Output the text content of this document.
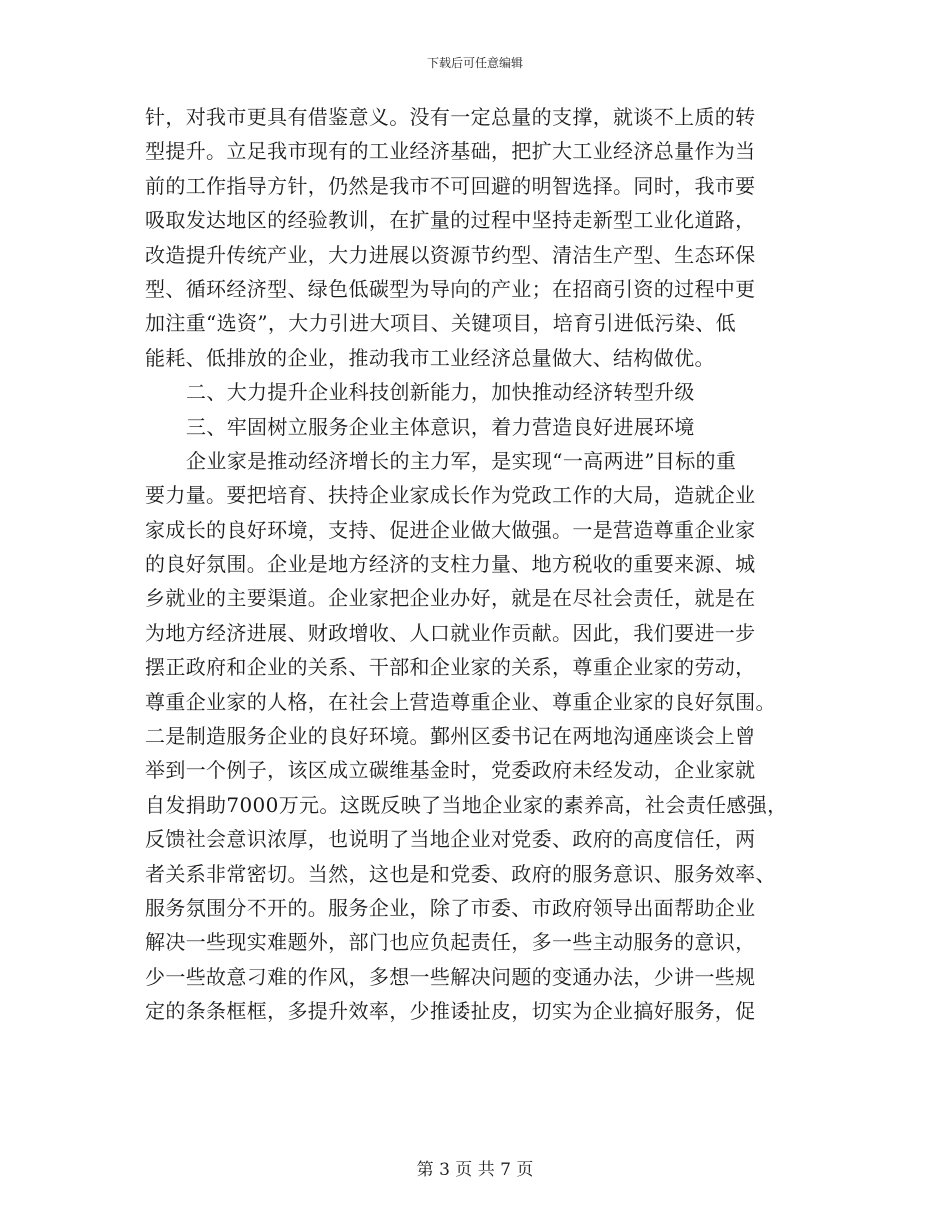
下载后可任意编辑
针，对我市更具有借鉴意义。没有一定总量的支撑，就谈不上质的转
型提升。立足我市现有的工业经济基础，把扩大工业经济总量作为当
前的工作指导方针，仍然是我市不可回避的明智选择。同时，我市要
吸取发达地区的经验教训，在扩量的过程中坚持走新型工业化道路，
改造提升传统产业，大力进展以资源节约型、清洁生产型、生态环保
型、循环经济型、绿色低碳型为导向的产业；在招商引资的过程中更
加注重“选资”，大力引进大项目、关键项目，培育引进低污染、低
能耗、低排放的企业，推动我市工业经济总量做大、结构做优。
二、大力提升企业科技创新能力，加快推动经济转型升级
三、牢固树立服务企业主体意识，着力营造良好进展环境
企业家是推动经济增长的主力军，是实现“一高两进”目标的重
要力量。要把培育、扶持企业家成长作为党政工作的大局，造就企业
家成长的良好环境，支持、促进企业做大做强。一是营造尊重企业家
的良好氛围。企业是地方经济的支柱力量、地方税收的重要来源、城
乡就业的主要渠道。企业家把企业办好，就是在尽社会责任，就是在
为地方经济进展、财政增收、人口就业作贡献。因此，我们要进一步
摆正政府和企业的关系、干部和企业家的关系，尊重企业家的劳动，
尊重企业家的人格，在社会上营造尊重企业、尊重企业家的良好氛围。
二是制造服务企业的良好环境。鄞州区委书记在两地沟通座谈会上曾
举到一个例子，该区成立碳维基金时，党委政府未经发动，企业家就
自发捐助7000万元。这既反映了当地企业家的素养高，社会责任感强，
反馈社会意识浓厚，也说明了当地企业对党委、政府的高度信任，两
者关系非常密切。当然，这也是和党委、政府的服务意识、服务效率、
服务氛围分不开的。服务企业，除了市委、市政府领导出面帮助企业
解决一些现实难题外，部门也应负起责任，多一些主动服务的意识，
少一些故意刁难的作风，多想一些解决问题的变通办法，少讲一些规
定的条条框框，多提升效率，少推诿扯皮，切实为企业搞好服务，促
第 3 页 共 7 页
